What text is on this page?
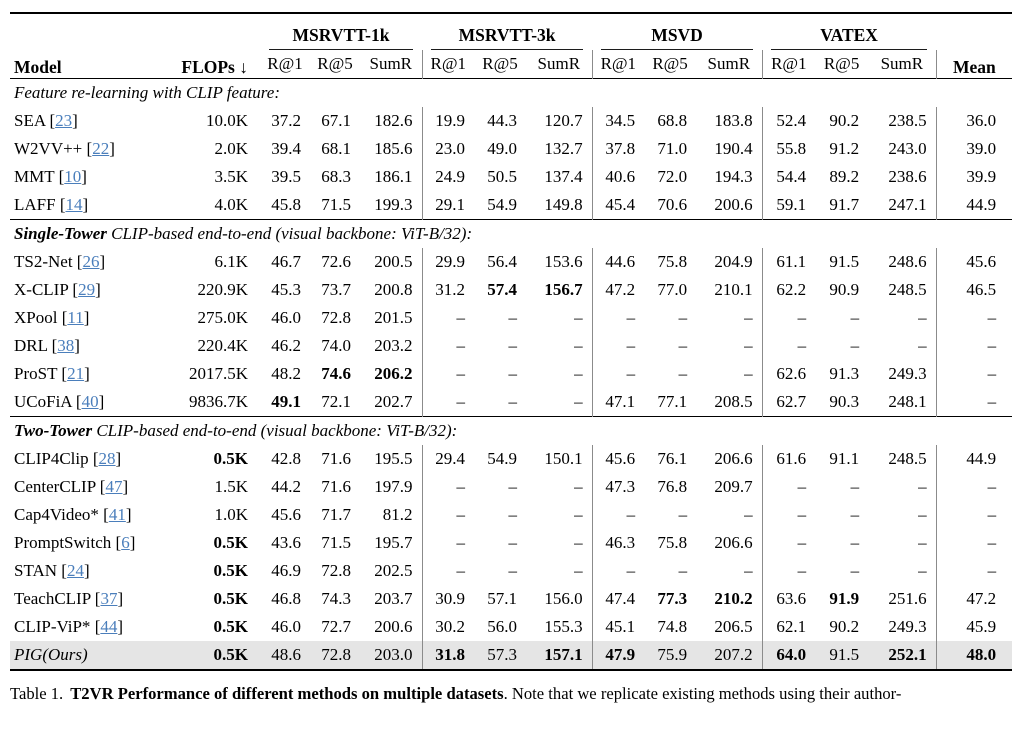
Model	FLOPs ↓	MSRVTT-1k			MSRVTT-3k			MSVD			VATEX			Mean
		R@1	R@5	SumR	R@1	R@5	SumR	R@1	R@5	SumR	R@1	R@5	SumR	
Feature re-learning with CLIP feature:														
SEA [23]	10.0K	37.2	67.1	182.6	19.9	44.3	120.7	34.5	68.8	183.8	52.4	90.2	238.5	36.0
W2VV++ [22]	2.0K	39.4	68.1	185.6	23.0	49.0	132.7	37.8	71.0	190.4	55.8	91.2	243.0	39.0
MMT [10]	3.5K	39.5	68.3	186.1	24.9	50.5	137.4	40.6	72.0	194.3	54.4	89.2	238.6	39.9
LAFF [14]	4.0K	45.8	71.5	199.3	29.1	54.9	149.8	45.4	70.6	200.6	59.1	91.7	247.1	44.9
Single-Tower CLIP-based end-to-end (visual backbone: ViT-B/32):														
TS2-Net [26]	6.1K	46.7	72.6	200.5	29.9	56.4	153.6	44.6	75.8	204.9	61.1	91.5	248.6	45.6
X-CLIP [29]	220.9K	45.3	73.7	200.8	31.2	57.4	156.7	47.2	77.0	210.1	62.2	90.9	248.5	46.5
XPool [11]	275.0K	46.0	72.8	201.5	–	–	–	–	–	–	–	–	–	–
DRL [38]	220.4K	46.2	74.0	203.2	–	–	–	–	–	–	–	–	–	–
ProST [21]	2017.5K	48.2	74.6	206.2	–	–	–	–	–	–	62.6	91.3	249.3	–
UCoFiA [40]	9836.7K	49.1	72.1	202.7	–	–	–	47.1	77.1	208.5	62.7	90.3	248.1	–
Two-Tower CLIP-based end-to-end (visual backbone: ViT-B/32):														
CLIP4Clip [28]	0.5K	42.8	71.6	195.5	29.4	54.9	150.1	45.6	76.1	206.6	61.6	91.1	248.5	44.9
CenterCLIP [47]	1.5K	44.2	71.6	197.9	–	–	–	47.3	76.8	209.7	–	–	–	–
Cap4Video* [41]	1.0K	45.6	71.7	81.2	–	–	–	–	–	–	–	–	–	–
PromptSwitch [6]	0.5K	43.6	71.5	195.7	–	–	–	46.3	75.8	206.6	–	–	–	–
STAN [24]	0.5K	46.9	72.8	202.5	–	–	–	–	–	–	–	–	–	–
TeachCLIP [37]	0.5K	46.8	74.3	203.7	30.9	57.1	156.0	47.4	77.3	210.2	63.6	91.9	251.6	47.2
CLIP-ViP* [44]	0.5K	46.0	72.7	200.6	30.2	56.0	155.3	45.1	74.8	206.5	62.1	90.2	249.3	45.9
PIG(Ours)	0.5K	48.6	72.8	203.0	31.8	57.3	157.1	47.9	75.9	207.2	64.0	91.5	252.1	48.0
Table 1. T2VR Performance of different methods on multiple datasets. Note that we replicate existing methods using their author-
